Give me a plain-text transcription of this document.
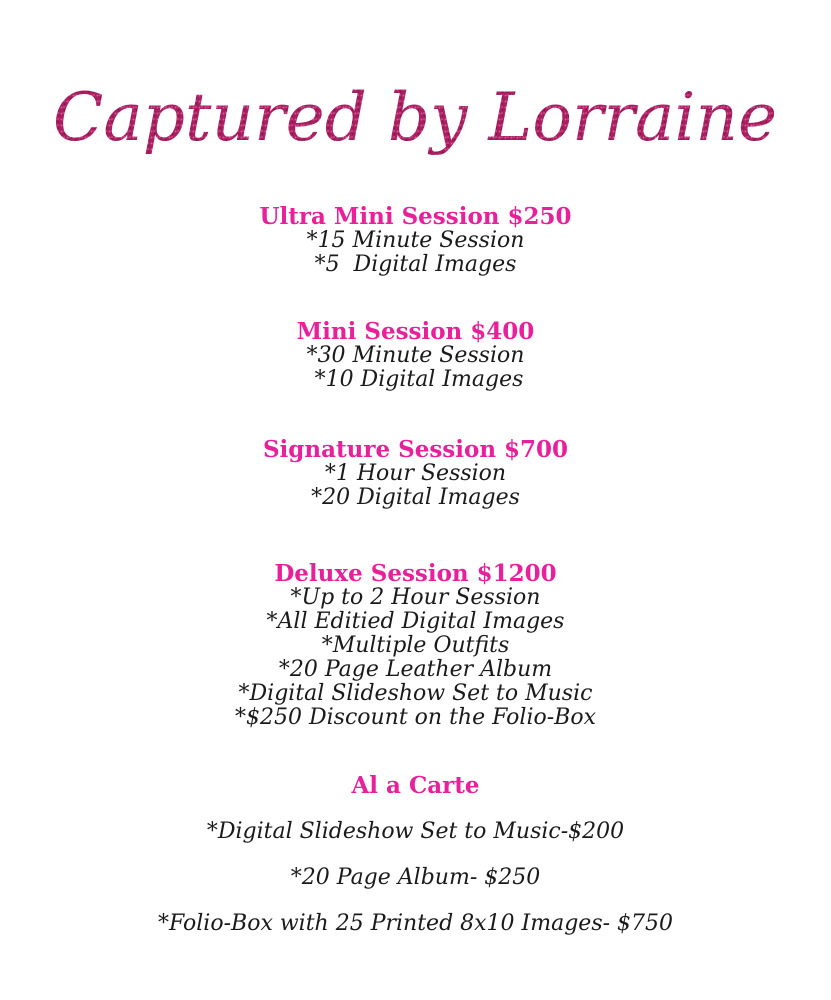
Captured by Lorraine

Ultra Mini Session $250

*15 Minute Session

*5  Digital Images

Mini Session $400

*30 Minute Session

*10 Digital Images

Signature Session $700

*1 Hour Session

*20 Digital Images

Deluxe Session $1200

*Up to 2 Hour Session

*All Editied Digital Images

*Multiple Outfits

*20 Page Leather Album

*Digital Slideshow Set to Music

*$250 Discount on the Folio-Box

Al a Carte

*Digital Slideshow Set to Music-$200

*20 Page Album- $250

*Folio-Box with 25 Printed 8x10 Images- $750
